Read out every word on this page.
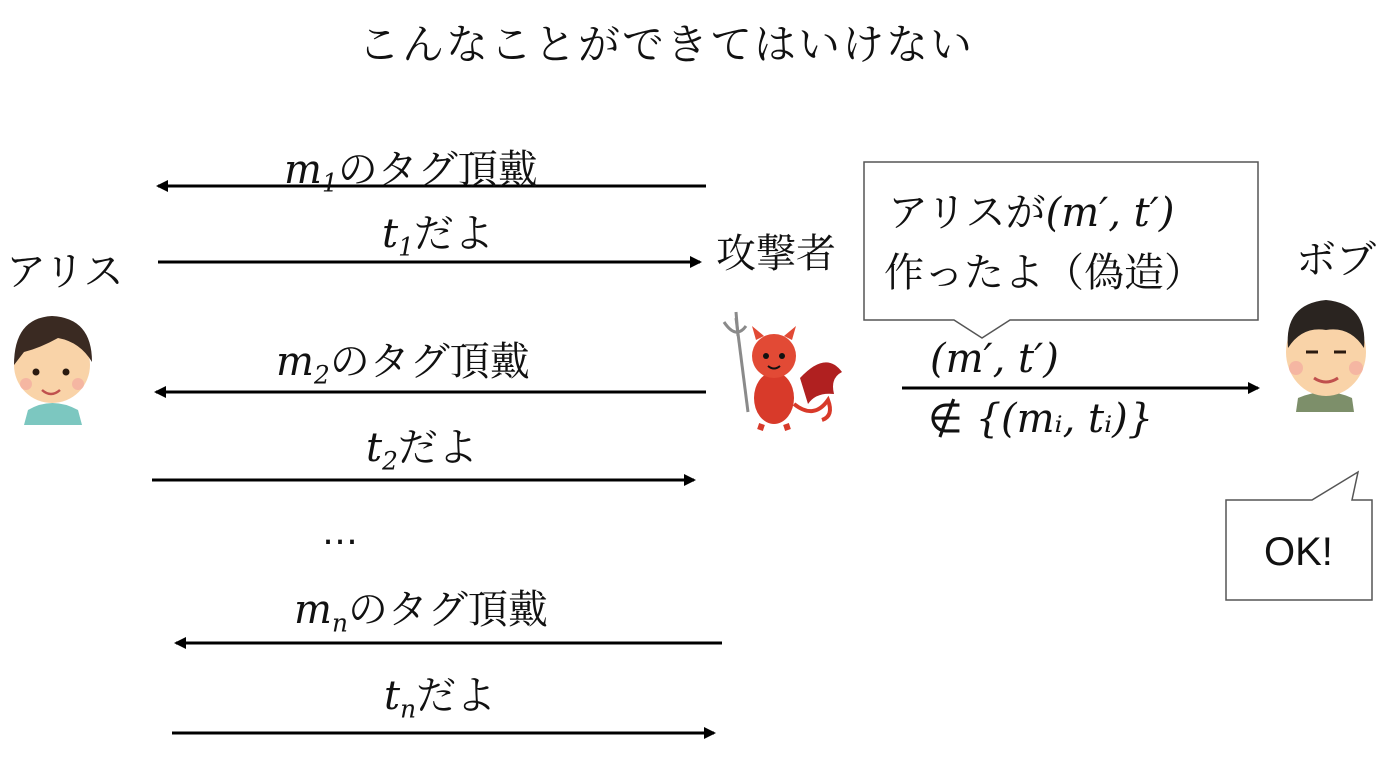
こんなことができてはいけない
アリス	攻撃者	ボブ
$m_1$のタグ頂戴
$t_1$だよ
$m_2$のタグ頂戴
$t_2$だよ
…
$m_n$のタグ頂戴
$t_n$だよ
アリスが(m′, t′)
作ったよ（偽造）
(m′, t′)
∉ {(mᵢ, tᵢ)}
OK!
